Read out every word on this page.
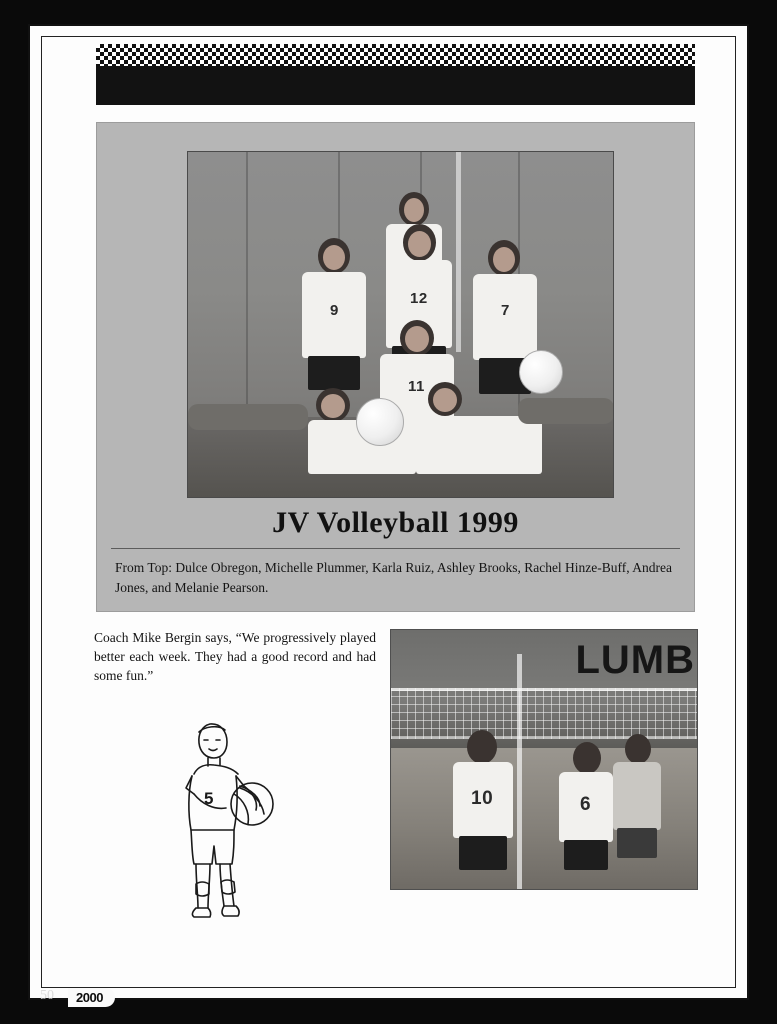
9
12
7
11
JV Volleyball 1999
From Top: Dulce Obregon, Michelle Plummer, Karla Ruiz, Ashley Brooks, Rachel Hinze-Buff, Andrea Jones, and Melanie Pearson.
Coach Mike Bergin says, “We progressively played better each week. They had a good record and had some fun.”	LUMB
10	6
5
50	2000
